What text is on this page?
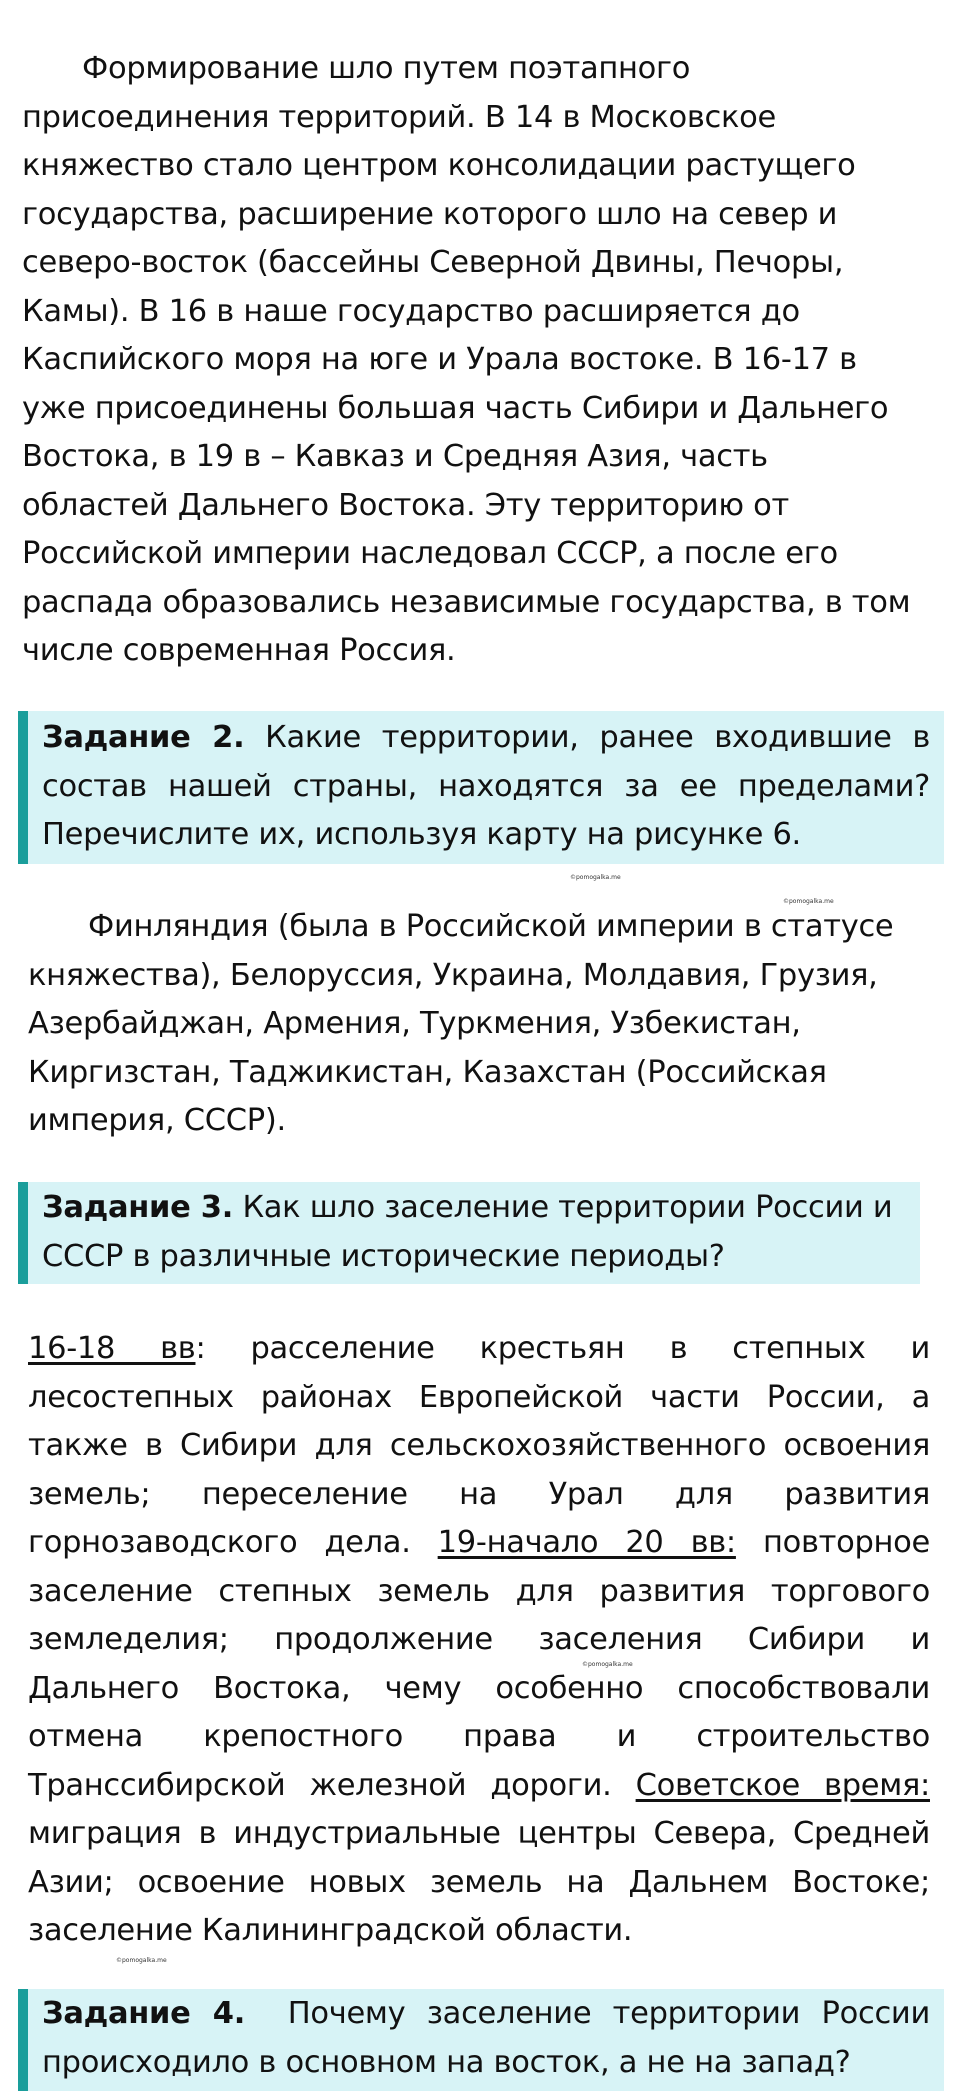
Формирование шло путем поэтапного присоединения территорий. В 14 в Московское княжество стало центром консолидации растущего государства, расширение которого шло на север и северо-восток (бассейны Северной Двины, Печоры, Камы). В 16 в наше государство расширяется до Каспийского моря на юге и Урала востоке. В 16-17 в уже присоединены большая часть Сибири и Дальнего Востока, в 19 в – Кавказ и Средняя Азия, часть областей Дальнего Востока. Эту территорию от Российской империи наследовал СССР, а после его распада образовались независимые государства, в том числе современная Россия.

Задание 2. Какие территории, ранее входившие в состав нашей страны, находятся за ее пределами? Перечислите их, используя карту на рисунке 6.
©pomogalka.me
©pomogalka.me

Финляндия (была в Российской империи в статусе княжества), Белоруссия, Украина, Молдавия, Грузия, Азербайджан, Армения, Туркмения, Узбекистан, Киргизстан, Таджикистан, Казахстан (Российская империя, СССР).

Задание 3. Как шло заселение территории России и СССР в различные исторические периоды?

16-18 вв: расселение крестьян в степных и лесостепных районах Европейской части России, а также в Сибири для сельскохозяйственного освоения земель; переселение на Урал для развития горнозаводского дела. 19-начало 20 вв: повторное заселение степных земель для развития торгового земледелия; продолжение заселения Сибири и Дальнего Востока, чему особенно способствовали отмена крепостного права и строительство Транссибирской железной дороги. Советское время: миграция в индустриальные центры Севера, Средней Азии; освоение новых земель на Дальнем Востоке; заселение Калининградской области.

©pomogalka.me
©pomogalka.me
Задание 4. Почему заселение территории России происходило в основном на восток, а не на запад?
